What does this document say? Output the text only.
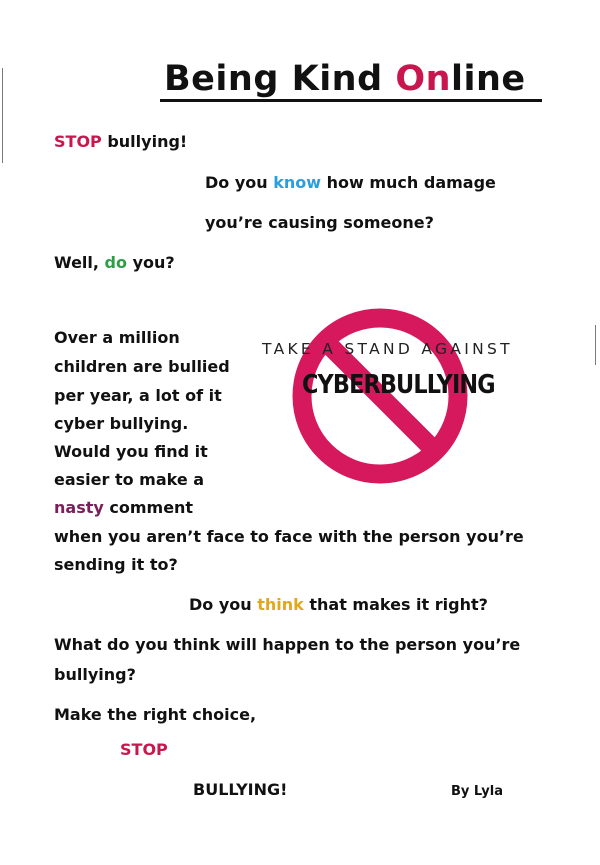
Being Kind Online
STOP bullying!
Do you know how much damage
you’re causing someone?
Well, do you?
Over a million
children are bullied
per year, a lot of it
cyber bullying.
Would you find it
easier to make a
nasty comment
when you aren’t face to face with the person you’re
sending it to?
Do you think that makes it right?
What do you think will happen to the person you’re
bullying?
Make the right choice,
STOP
BULLYING!	By Lyla
TAKE A STAND AGAINST
CYBERBULLYING
